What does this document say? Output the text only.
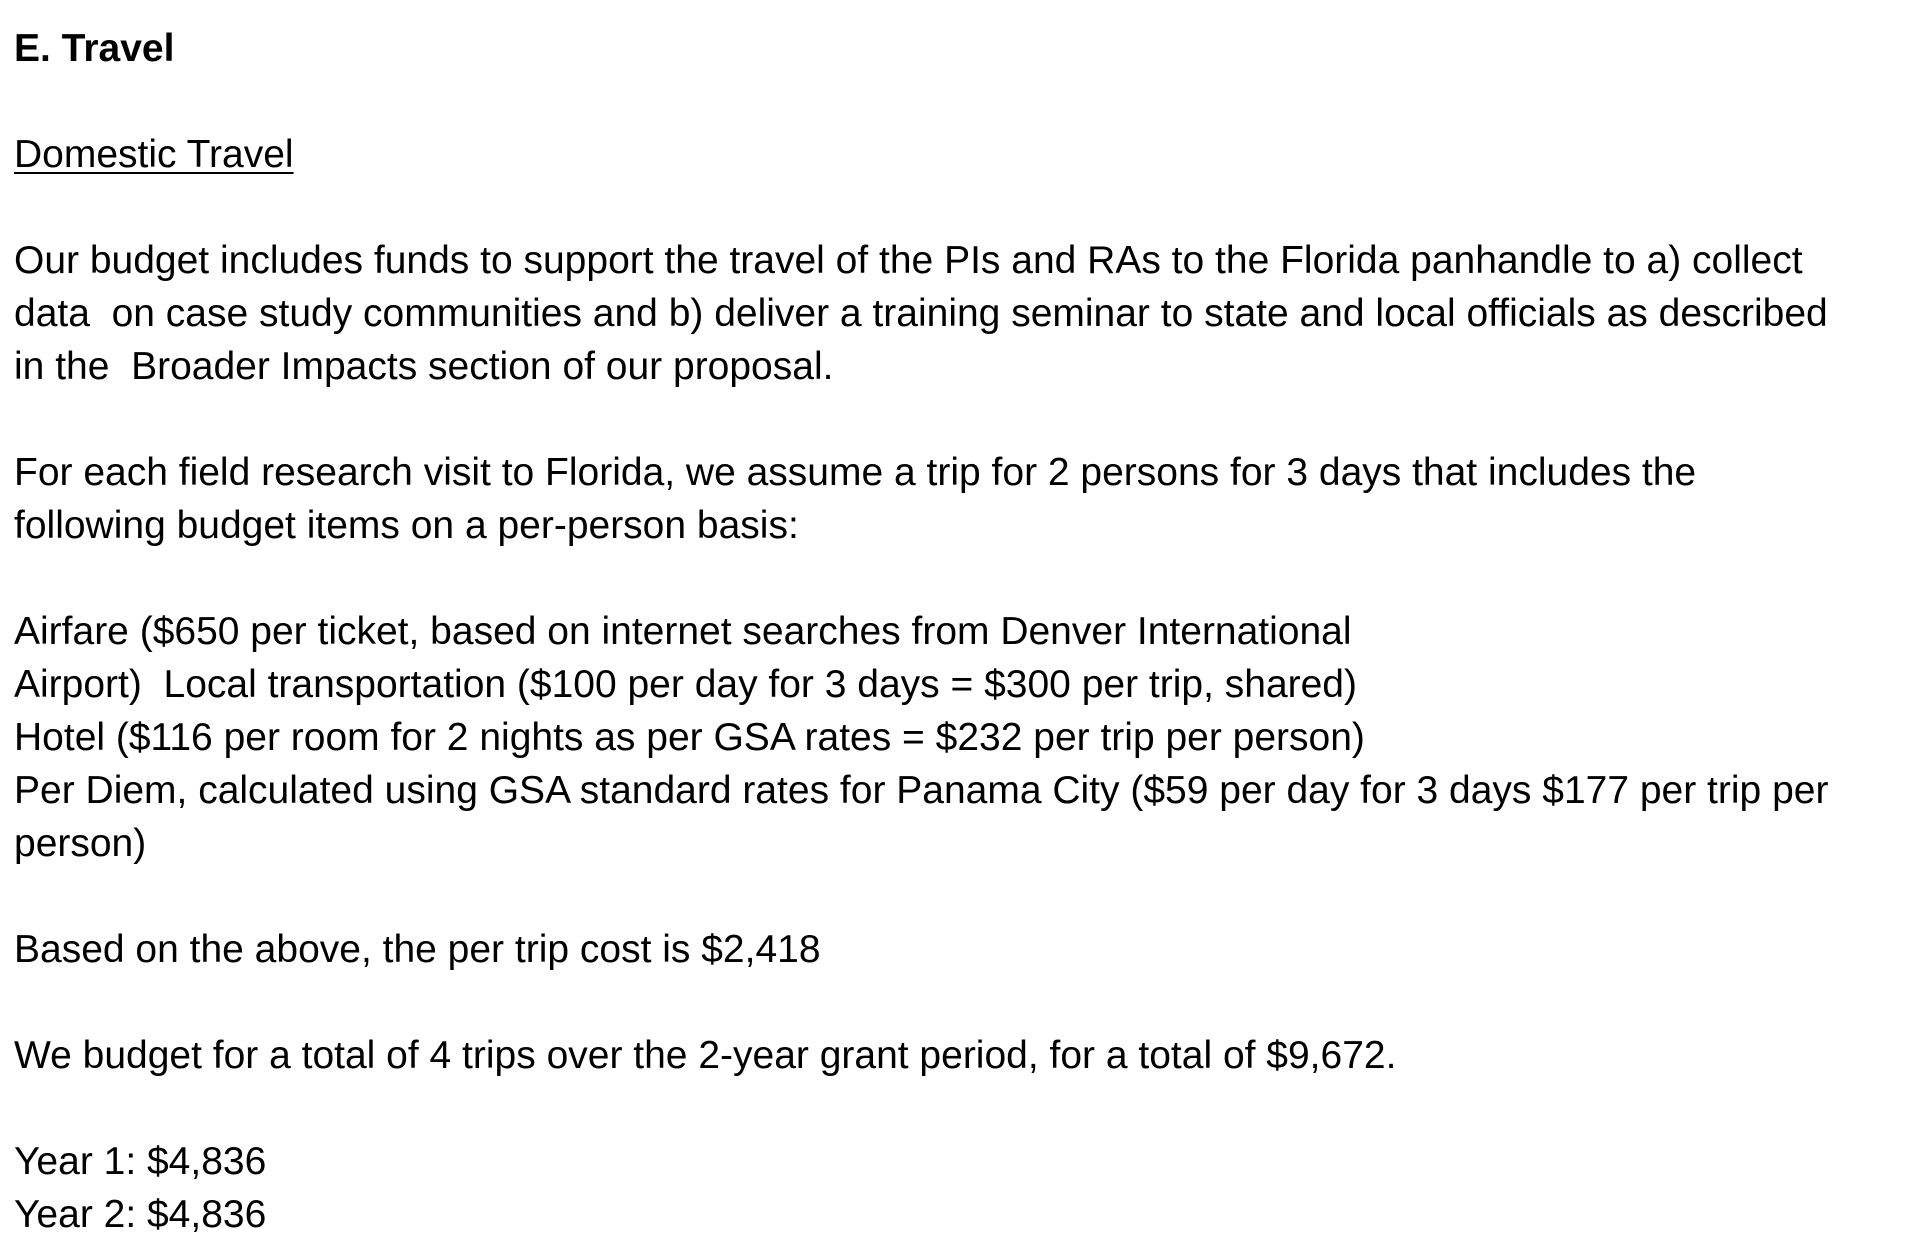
E. Travel

Domestic Travel

Our budget includes funds to support the travel of the PIs and RAs to the Florida panhandle to a) collect

data  on case study communities and b) deliver a training seminar to state and local officials as described

in the  Broader Impacts section of our proposal.

For each field research visit to Florida, we assume a trip for 2 persons for 3 days that includes the

following budget items on a per-person basis:

Airfare ($650 per ticket, based on internet searches from Denver International

Airport)  Local transportation ($100 per day for 3 days = $300 per trip, shared)

Hotel ($116 per room for 2 nights as per GSA rates = $232 per trip per person)

Per Diem, calculated using GSA standard rates for Panama City ($59 per day for 3 days $177 per trip per

person)

Based on the above, the per trip cost is $2,418

We budget for a total of 4 trips over the 2-year grant period, for a total of $9,672.

Year 1: $4,836

Year 2: $4,836
